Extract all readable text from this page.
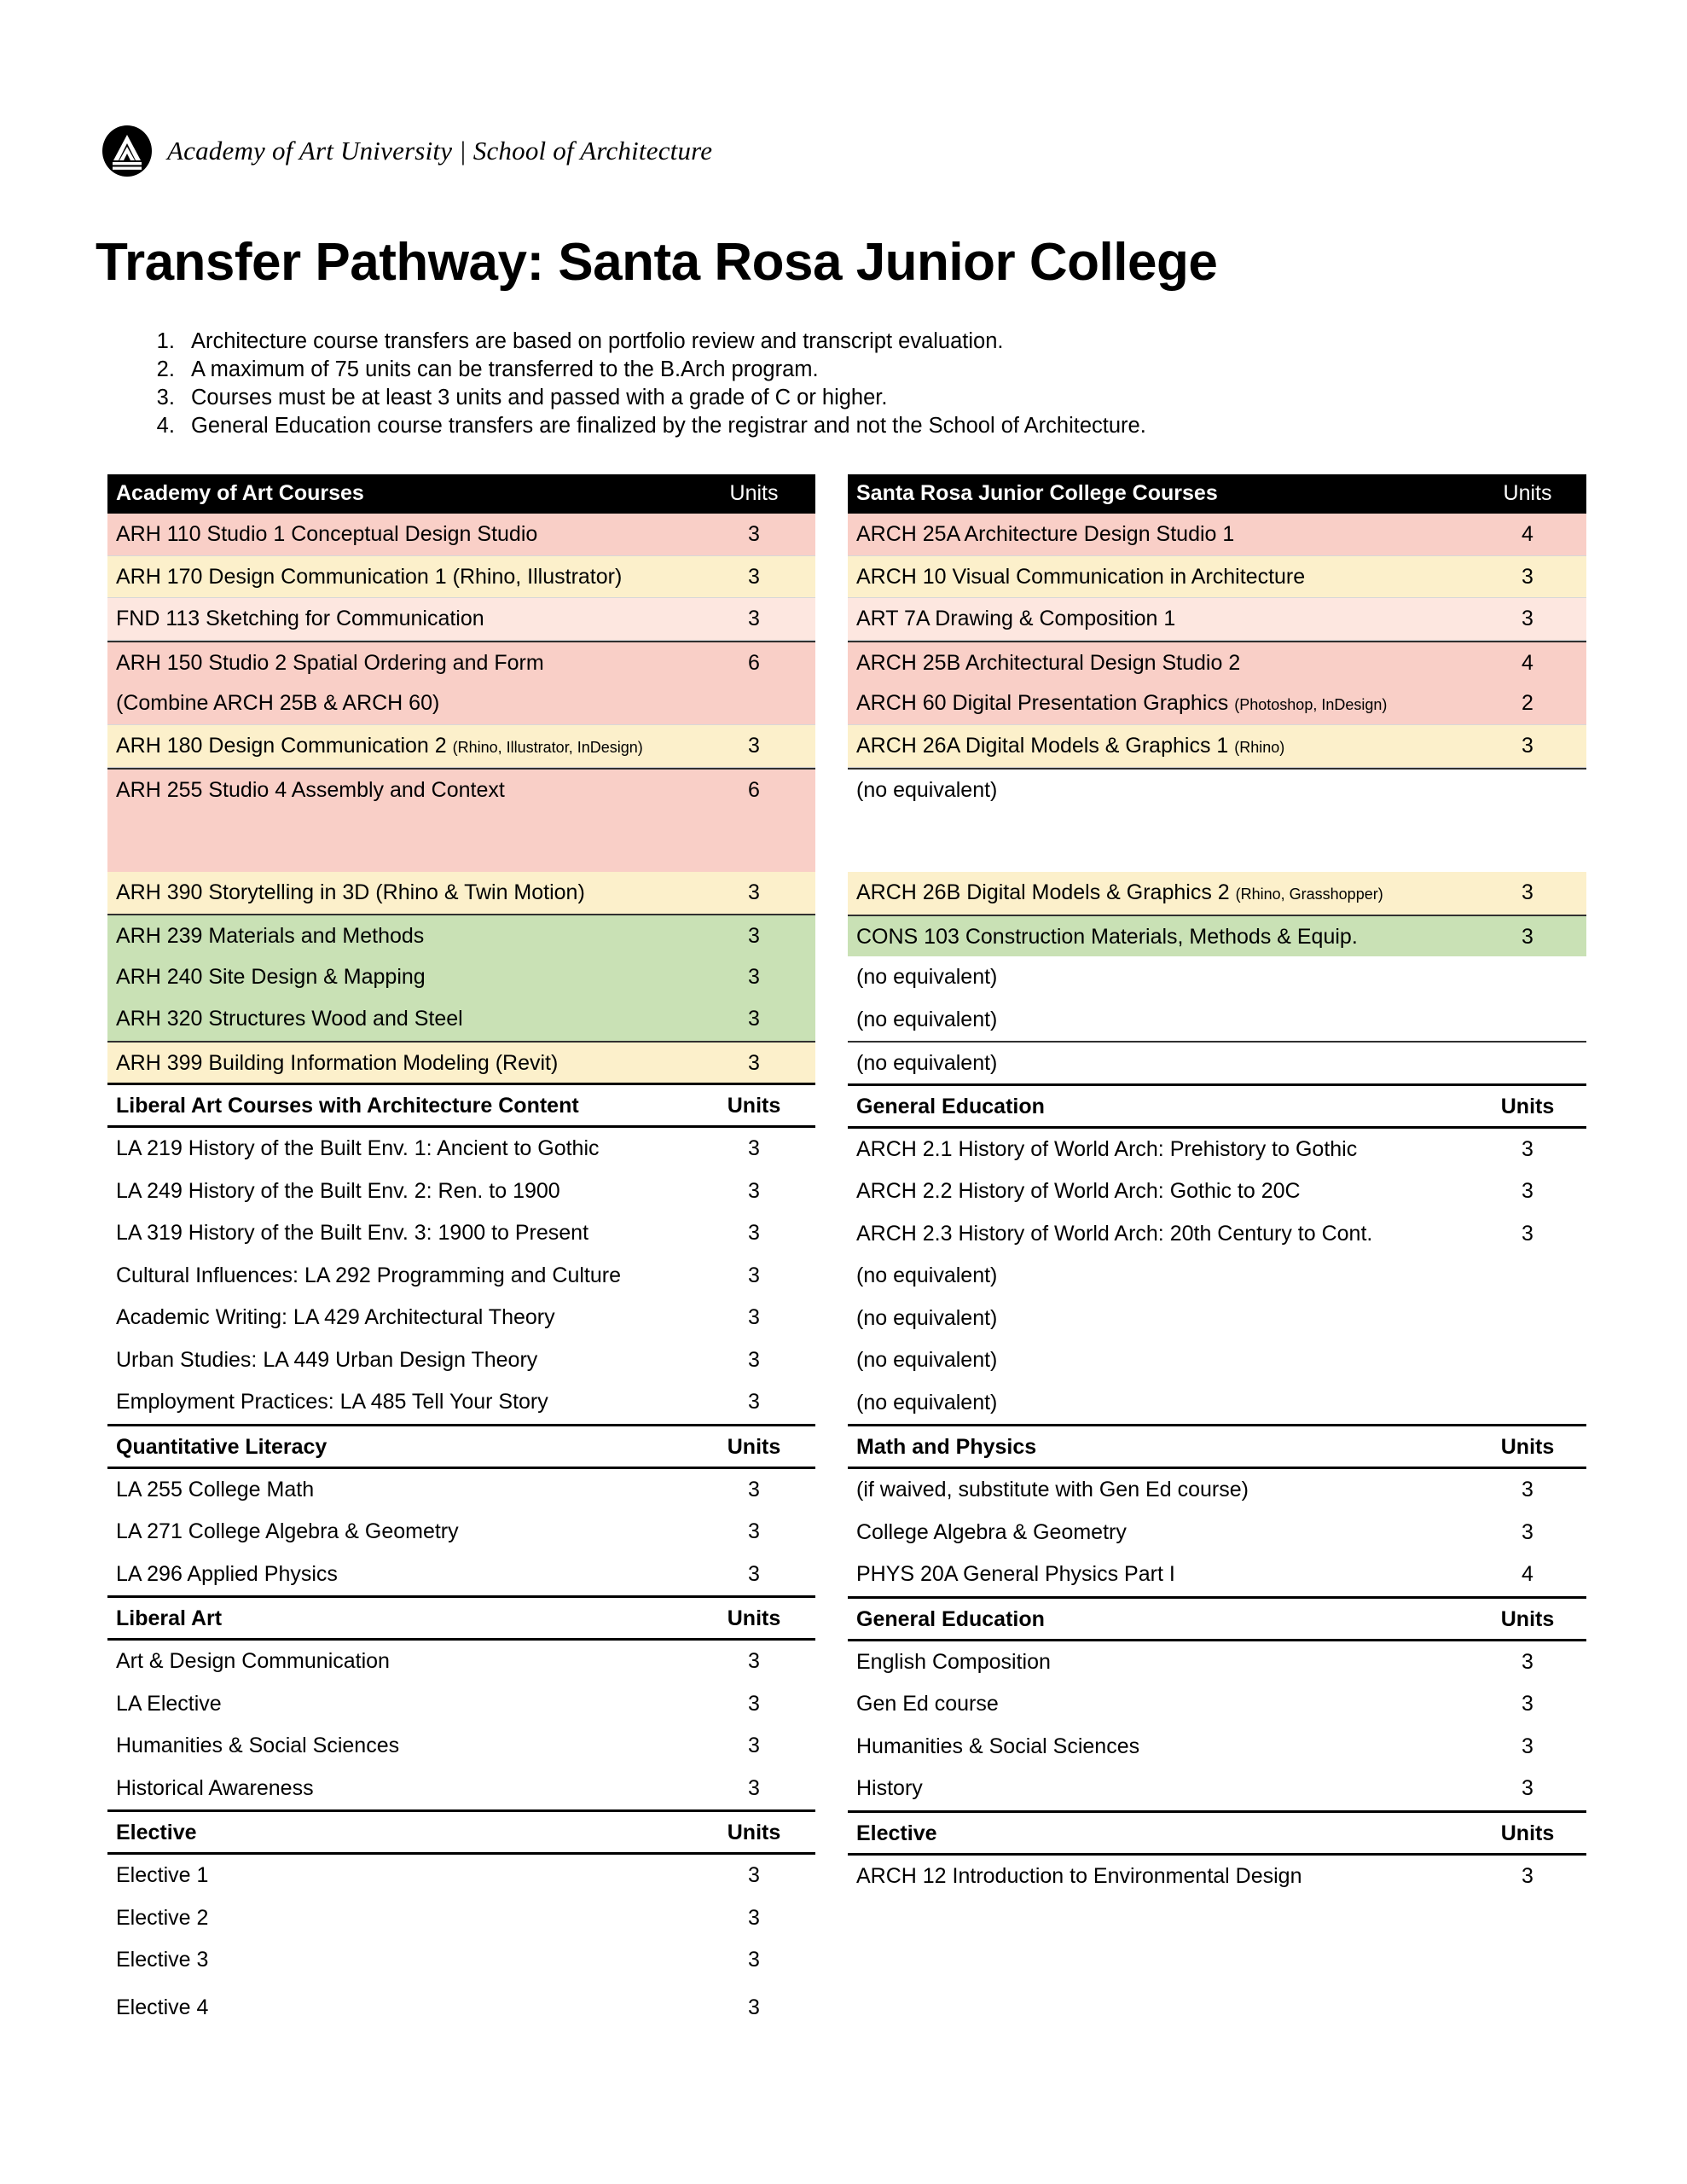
Academy of Art University | School of Architecture
Transfer Pathway: Santa Rosa Junior College
1. Architecture course transfers are based on portfolio review and transcript evaluation.
2. A maximum of 75 units can be transferred to the B.Arch program.
3. Courses must be at least 3 units and passed with a grade of C or higher.
4. General Education course transfers are finalized by the registrar and not the School of Architecture.
Academy of Art Courses	Units
ARH 110 Studio 1 Conceptual Design Studio	3
ARH 170 Design Communication 1 (Rhino, Illustrator)	3
FND 113 Sketching for Communication	3
ARH 150 Studio 2 Spatial Ordering and Form	6
(Combine ARCH 25B & ARCH 60)
ARH 180 Design Communication 2 (Rhino, Illustrator, InDesign)	3
ARH 255 Studio 4 Assembly and Context	6
ARH 390 Storytelling in 3D (Rhino & Twin Motion)	3
ARH 239 Materials and Methods	3
ARH 240 Site Design & Mapping	3
ARH 320 Structures Wood and Steel	3
ARH 399 Building Information Modeling (Revit)	3
Liberal Art Courses with Architecture Content	Units
LA 219 History of the Built Env. 1: Ancient to Gothic	3
LA 249 History of the Built Env. 2: Ren. to 1900	3
LA 319 History of the Built Env. 3: 1900 to Present	3
Cultural Influences: LA 292 Programming and Culture	3
Academic Writing: LA 429 Architectural Theory	3
Urban Studies: LA 449 Urban Design Theory	3
Employment Practices: LA 485 Tell Your Story	3
Quantitative Literacy	Units
LA 255 College Math	3
LA 271 College Algebra & Geometry	3
LA 296 Applied Physics	3
Liberal Art	Units
Art & Design Communication	3
LA Elective	3
Humanities & Social Sciences	3
Historical Awareness	3
Elective	Units
Elective 1	3
Elective 2	3
Elective 3	3
Elective 4	3
Santa Rosa Junior College Courses	Units
ARCH 25A Architecture Design Studio 1	4
ARCH 10 Visual Communication in Architecture	3
ART 7A Drawing & Composition 1	3
ARCH 25B Architectural Design Studio 2	4
ARCH 60 Digital Presentation Graphics (Photoshop, InDesign)	2
ARCH 26A Digital Models & Graphics 1 (Rhino)	3
(no equivalent)
ARCH 26B Digital Models & Graphics 2 (Rhino, Grasshopper)	3
CONS 103 Construction Materials, Methods & Equip.	3
(no equivalent)
(no equivalent)
(no equivalent)
General Education	Units
ARCH 2.1 History of World Arch: Prehistory to Gothic	3
ARCH 2.2 History of World Arch: Gothic to 20C	3
ARCH 2.3 History of World Arch: 20th Century to Cont.	3
(no equivalent)
(no equivalent)
(no equivalent)
(no equivalent)
Math and Physics	Units
(if waived, substitute with Gen Ed course)	3
College Algebra & Geometry	3
PHYS 20A General Physics Part I	4
General Education	Units
English Composition	3
Gen Ed course	3
Humanities & Social Sciences	3
History	3
Elective	Units
ARCH 12 Introduction to Environmental Design	3
